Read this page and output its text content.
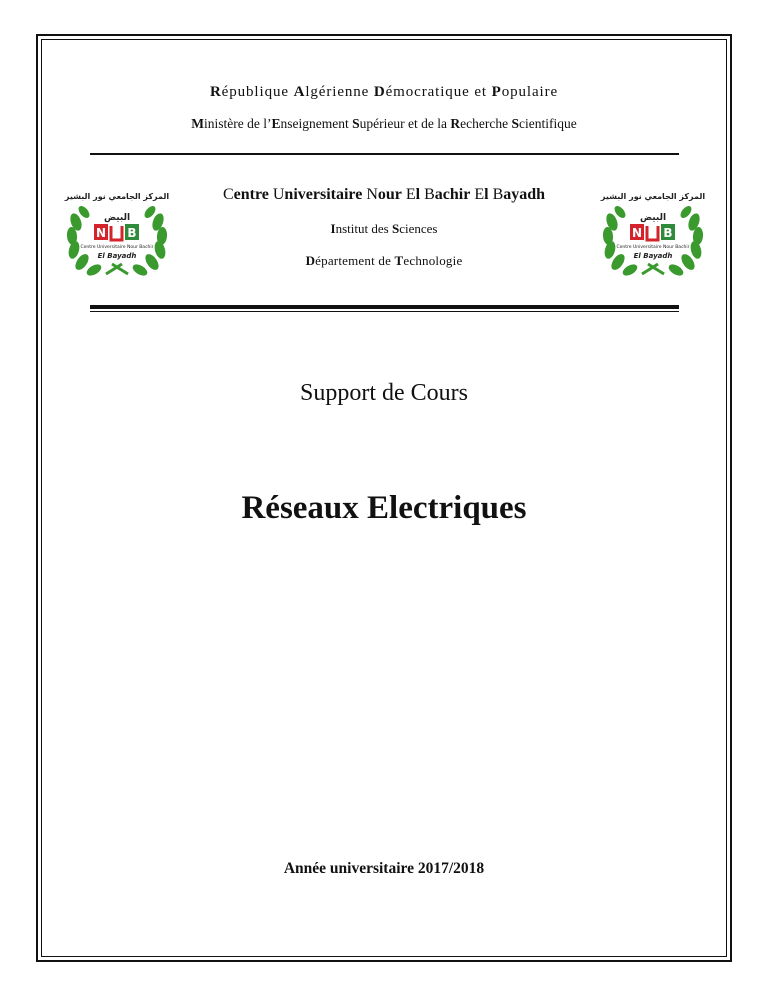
République Algérienne Démocratique et Populaire
Ministère de l’Enseignement Supérieur et de la Recherche Scientifique
Centre Universitaire Nour El Bachir El Bayadh
Institut des Sciences
Département de Technologie
المركز الجامعي نور البشير
البيض
N B
Centre Universitaire Nour Bachir
El Bayadh
المركز الجامعي نور البشير
البيض
N B
Centre Universitaire Nour Bachir
El Bayadh
Support de Cours
Réseaux Electriques
Année universitaire 2017/2018
